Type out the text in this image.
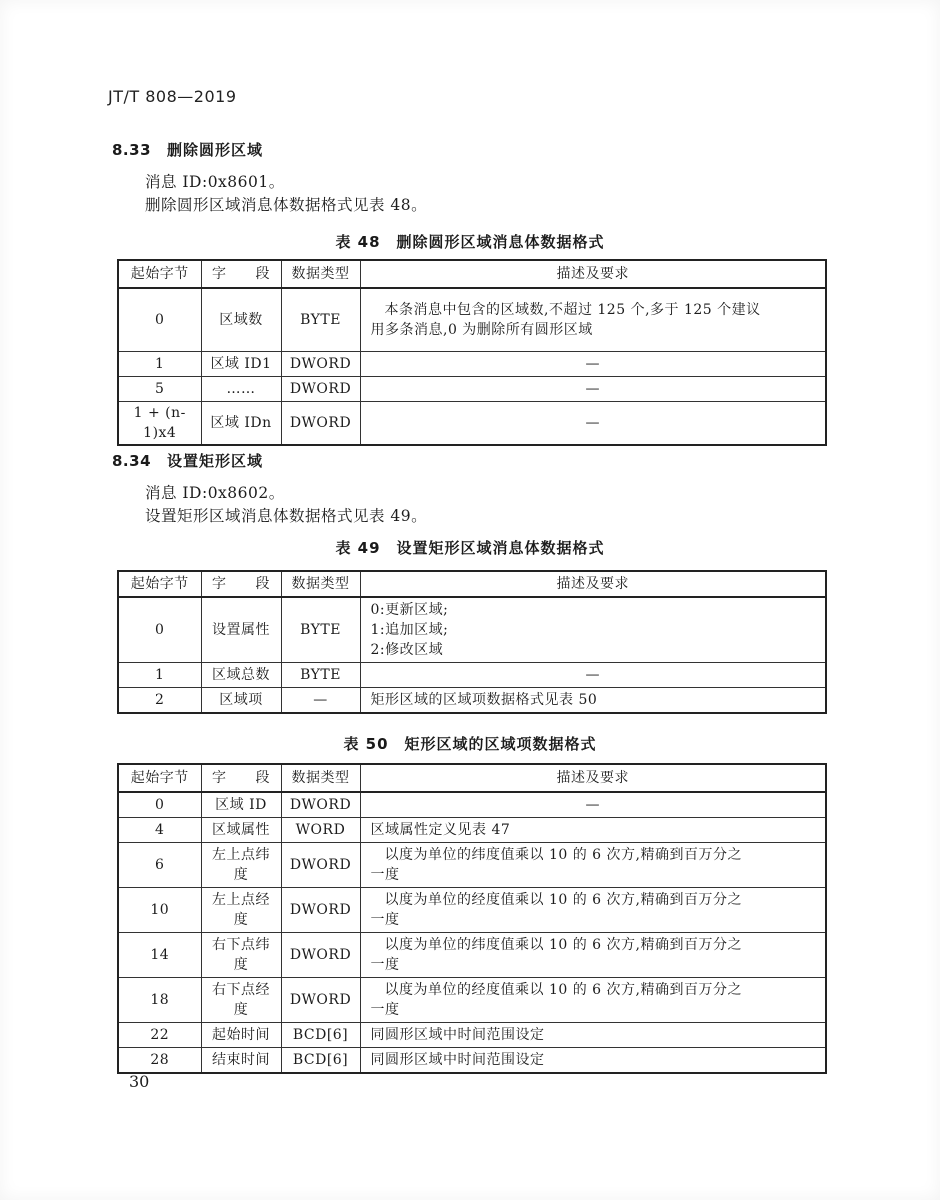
JT/T 808—2019
8.33 删除圆形区域
消息 ID:0x8601。
删除圆形区域消息体数据格式见表 48。
表 48　删除圆形区域消息体数据格式
起始字节	字　　段	数据类型	描述及要求
0	区域数	BYTE	本条消息中包含的区域数,不超过 125 个,多于 125 个建议
用多条消息,0 为删除所有圆形区域

1	区域 ID1	DWORD	—
5	……	DWORD	—
1 + (n-1)x4	区域 IDn	DWORD	—
8.34 设置矩形区域
消息 ID:0x8602。
设置矩形区域消息体数据格式见表 49。
表 49　设置矩形区域消息体数据格式
起始字节	字　　段	数据类型	描述及要求
0	设置属性	BYTE	0:更新区域;
1:追加区域;
2:修改区域

1	区域总数	BYTE	—
2	区域项	—	矩形区域的区域项数据格式见表 50
表 50　矩形区域的区域项数据格式
起始字节	字　　段	数据类型	描述及要求
0	区域 ID	DWORD	—
4	区域属性	WORD	区域属性定义见表 47

6	左上点纬度	DWORD	以度为单位的纬度值乘以 10 的 6 次方,精确到百万分之
一度

10	左上点经度	DWORD	以度为单位的经度值乘以 10 的 6 次方,精确到百万分之
一度

14	右下点纬度	DWORD	以度为单位的纬度值乘以 10 的 6 次方,精确到百万分之
一度

18	右下点经度	DWORD	以度为单位的经度值乘以 10 的 6 次方,精确到百万分之
一度

22	起始时间	BCD[6]	同圆形区域中时间范围设定

28	结束时间	BCD[6]	同圆形区域中时间范围设定
30
